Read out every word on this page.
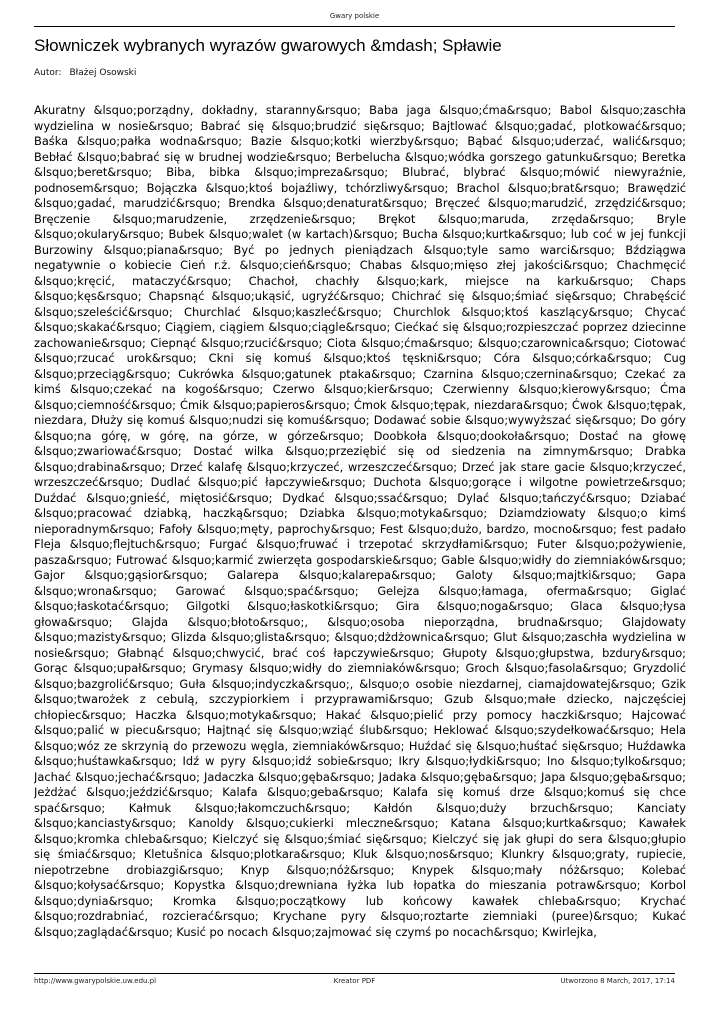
Gwary polskie
Słowniczek wybranych wyrazów gwarowych &mdash; Spławie
Autor: Błażej Osowski
Akuratny &lsquo;porządny, dokładny, staranny&rsquo; Baba jaga &lsquo;ćma&rsquo; Babol &lsquo;zaschła wydzielina w nosie&rsquo; Babrać się &lsquo;brudzić się&rsquo; Bajtlować &lsquo;gadać, plotkować&rsquo; Baśka &lsquo;pałka wodna&rsquo; Bazie &lsquo;kotki wierzby&rsquo; Bąbać &lsquo;uderzać, walić&rsquo; Bebłać &lsquo;babrać się w brudnej wodzie&rsquo; Berbelucha &lsquo;wódka gorszego gatunku&rsquo; Beretka &lsquo;beret&rsquo; Biba, bibka &lsquo;impreza&rsquo; Blubrać, blybrać &lsquo;mówić niewyraźnie, podnosem&rsquo; Bojączka &lsquo;ktoś bojaźliwy, tchórzliwy&rsquo; Brachol &lsquo;brat&rsquo; Brawędzić &lsquo;gadać, marudzić&rsquo; Brendka &lsquo;denaturat&rsquo; Bręczeć &lsquo;marudzić, zrzędzić&rsquo; Bręczenie &lsquo;marudzenie, zrzędzenie&rsquo; Brękot &lsquo;maruda, zrzęda&rsquo; Bryle &lsquo;okulary&rsquo; Bubek &lsquo;walet (w kartach)&rsquo; Bucha &lsquo;kurtka&rsquo; lub coć w jej funkcji Burzowiny &lsquo;piana&rsquo; Być po jednych pieniądzach &lsquo;tyle samo warci&rsquo; Bździągwa negatywnie o kobiecie Cień r.ż. &lsquo;cień&rsquo; Chabas &lsquo;mięso złej jakości&rsquo; Chachmęcić &lsquo;kręcić, mataczyć&rsquo; Chachoł, chachły &lsquo;kark, miejsce na karku&rsquo; Chaps &lsquo;kęs&rsquo; Chapsnąć &lsquo;ukąsić, ugryźć&rsquo; Chichrać się &lsquo;śmiać się&rsquo; Chrabęścić &lsquo;szeleścić&rsquo; Churchlać &lsquo;kaszleć&rsquo; Churchlok &lsquo;ktoś kaszlący&rsquo; Chycać &lsquo;skakać&rsquo; Ciągiem, ciągiem &lsquo;ciągle&rsquo; Ciećkać się &lsquo;rozpieszczać poprzez dziecinne zachowanie&rsquo; Ciepnąć &lsquo;rzucić&rsquo; Ciota &lsquo;ćma&rsquo; &lsquo;czarownica&rsquo; Ciotować &lsquo;rzucać urok&rsquo; Ckni się komuś &lsquo;ktoś tęskni&rsquo; Córa &lsquo;córka&rsquo; Cug &lsquo;przeciąg&rsquo; Cukrówka &lsquo;gatunek ptaka&rsquo; Czarnina &lsquo;czernina&rsquo; Czekać za kimś &lsquo;czekać na kogoś&rsquo; Czerwo &lsquo;kier&rsquo; Czerwienny &lsquo;kierowy&rsquo; Ćma &lsquo;ciemność&rsquo; Ćmik &lsquo;papieros&rsquo; Ćmok &lsquo;tępak, niezdara&rsquo; Ćwok &lsquo;tępak, niezdara, Dłuży się komuś &lsquo;nudzi się komuś&rsquo; Dodawać sobie &lsquo;wywyższać się&rsquo; Do góry &lsquo;na górę, w górę, na górze, w górze&rsquo; Doobkoła &lsquo;dookoła&rsquo; Dostać na głowę &lsquo;zwariować&rsquo; Dostać wilka &lsquo;przeziębić się od siedzenia na zimnym&rsquo; Drabka &lsquo;drabina&rsquo; Drzeć kalafę &lsquo;krzyczeć, wrzeszczeć&rsquo; Drzeć jak stare gacie &lsquo;krzyczeć, wrzeszczeć&rsquo; Dudlać &lsquo;pić łapczywie&rsquo; Duchota &lsquo;gorące i wilgotne powietrze&rsquo; Duźdać &lsquo;gnieść, miętosić&rsquo; Dydkać &lsquo;ssać&rsquo; Dylać &lsquo;tańczyć&rsquo; Dziabać &lsquo;pracować dziabką, haczką&rsquo; Dziabka &lsquo;motyka&rsquo; Dziamdziowaty &lsquo;o kimś nieporadnym&rsquo; Fafoły &lsquo;męty, paprochy&rsquo; Fest &lsquo;dużo, bardzo, mocno&rsquo; fest padało Fleja &lsquo;flejtuch&rsquo; Furgać &lsquo;fruwać i trzepotać skrzydłami&rsquo; Futer &lsquo;pożywienie, pasza&rsquo; Futrować &lsquo;karmić zwierzęta gospodarskie&rsquo; Gable &lsquo;widły do ziemniaków&rsquo; Gajor &lsquo;gąsior&rsquo; Galarepa &lsquo;kalarepa&rsquo; Galoty &lsquo;majtki&rsquo; Gapa &lsquo;wrona&rsquo; Garować &lsquo;spać&rsquo; Gelejza &lsquo;łamaga, oferma&rsquo; Giglać &lsquo;łaskotać&rsquo; Gilgotki &lsquo;łaskotki&rsquo; Gira &lsquo;noga&rsquo; Glaca &lsquo;łysa głowa&rsquo; Glajda &lsquo;błoto&rsquo;, &lsquo;osoba nieporządna, brudna&rsquo; Glajdowaty &lsquo;mazisty&rsquo; Glizda &lsquo;glista&rsquo; &lsquo;dżdżownica&rsquo; Glut &lsquo;zaschła wydzielina w nosie&rsquo; Głabnąć &lsquo;chwycić, brać coś łapczywie&rsquo; Głupoty &lsquo;głupstwa, bzdury&rsquo; Gorąc &lsquo;upał&rsquo; Grymasy &lsquo;widły do ziemniaków&rsquo; Groch &lsquo;fasola&rsquo; Gryzdolić &lsquo;bazgrolić&rsquo; Guła &lsquo;indyczka&rsquo;, &lsquo;o osobie niezdarnej, ciamajdowatej&rsquo; Gzik &lsquo;twarożek z cebulą, szczypiorkiem i przyprawami&rsquo; Gzub &lsquo;małe dziecko, najczęściej chłopiec&rsquo; Haczka &lsquo;motyka&rsquo; Hakać &lsquo;pielić przy pomocy haczki&rsquo; Hajcować &lsquo;palić w piecu&rsquo; Hajtnąć się &lsquo;wziąć ślub&rsquo; Heklować &lsquo;szydełkować&rsquo; Hela &lsquo;wóz ze skrzynią do przewozu węgla, ziemniaków&rsquo; Huźdać się &lsquo;huśtać się&rsquo; Huźdawka &lsquo;huśtawka&rsquo; Idź w pyry &lsquo;idź sobie&rsquo; Ikry &lsquo;łydki&rsquo; Ino &lsquo;tylko&rsquo; Jachać &lsquo;jechać&rsquo; Jadaczka &lsquo;gęba&rsquo; Jadaka &lsquo;gęba&rsquo; Japa &lsquo;gęba&rsquo; Jeżdżać &lsquo;jeździć&rsquo; Kalafa &lsquo;geba&rsquo; Kalafa się komuś drze &lsquo;komuś się chce spać&rsquo; Kałmuk &lsquo;łakomczuch&rsquo; Kałdón &lsquo;duży brzuch&rsquo; Kanciaty &lsquo;kanciasty&rsquo; Kanoldy &lsquo;cukierki mleczne&rsquo; Katana &lsquo;kurtka&rsquo; Kawałek &lsquo;kromka chleba&rsquo; Kielczyć się &lsquo;śmiać się&rsquo; Kielczyć się jak głupi do sera &lsquo;głupio się śmiać&rsquo; Kletušnica &lsquo;plotkara&rsquo; Kluk &lsquo;nos&rsquo; Klunkry &lsquo;graty, rupiecie, niepotrzebne drobiazgi&rsquo; Knyp &lsquo;nóż&rsquo; Knypek &lsquo;mały nóż&rsquo; Kolebać &lsquo;kołysać&rsquo; Kopystka &lsquo;drewniana łyżka lub łopatka do mieszania potraw&rsquo; Korbol &lsquo;dynia&rsquo; Kromka &lsquo;początkowy lub końcowy kawałek chleba&rsquo; Krychać &lsquo;rozdrabniać, rozcierać&rsquo; Krychane pyry &lsquo;roztarte ziemniaki (puree)&rsquo; Kukać &lsquo;zaglądać&rsquo; Kusić po nocach &lsquo;zajmować się czymś po nocach&rsquo; Kwirlejka,
http://www.gwarypolskie.uw.edu.pl	Kreator PDF	Utworzono 8 March, 2017, 17:14
